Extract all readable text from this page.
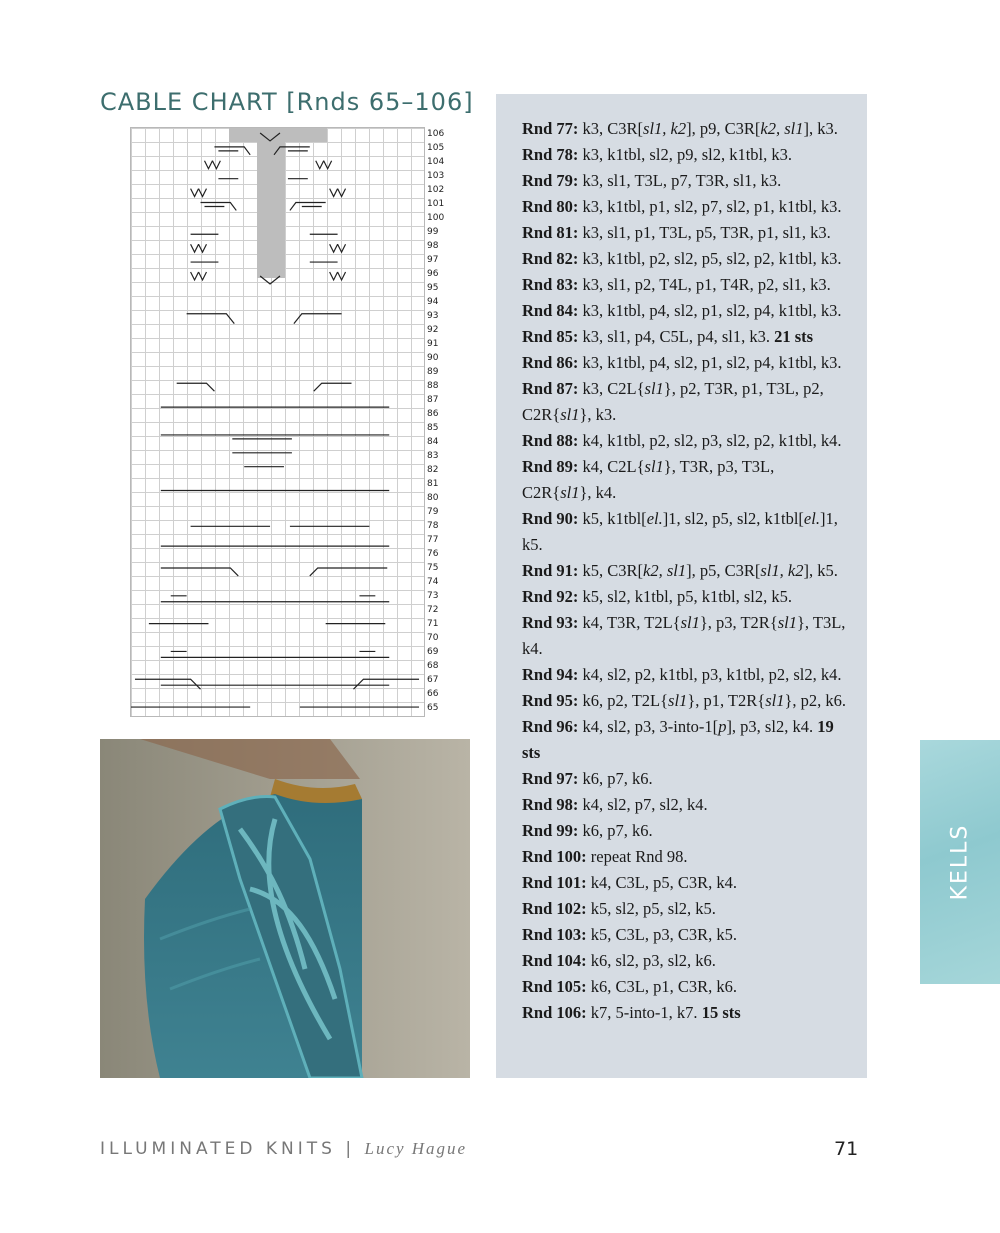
CABLE CHART [Rnds 65–106]
106
105
104
103
102
101
100
99
98
97
96
95
94
93
92
91
90
89
88
87
86
85
84
83
82
81
80
79
78
77
76
75
74
73
72
71
70
69
68
67
66
65
Rnd 77: k3, C3R[sl1, k2], p9, C3R[k2, sl1], k3.
Rnd 78: k3, k1tbl, sl2, p9, sl2, k1tbl, k3.
Rnd 79: k3, sl1, T3L, p7, T3R, sl1, k3.
Rnd 80: k3, k1tbl, p1, sl2, p7, sl2, p1, k1tbl, k3.
Rnd 81: k3, sl1, p1, T3L, p5, T3R, p1, sl1, k3.
Rnd 82: k3, k1tbl, p2, sl2, p5, sl2, p2, k1tbl, k3.
Rnd 83: k3, sl1, p2, T4L, p1, T4R, p2, sl1, k3.
Rnd 84: k3, k1tbl, p4, sl2, p1, sl2, p4, k1tbl, k3.
Rnd 85: k3, sl1, p4, C5L, p4, sl1, k3. 21 sts
Rnd 86: k3, k1tbl, p4, sl2, p1, sl2, p4, k1tbl, k3.
Rnd 87: k3, C2L{sl1}, p2, T3R, p1, T3L, p2, C2R{sl1}, k3.
Rnd 88: k4, k1tbl, p2, sl2, p3, sl2, p2, k1tbl, k4.
Rnd 89: k4, C2L{sl1}, T3R, p3, T3L, C2R{sl1}, k4.
Rnd 90: k5, k1tbl[el.]1, sl2, p5, sl2, k1tbl[el.]1, k5.
Rnd 91: k5, C3R[k2, sl1], p5, C3R[sl1, k2], k5.
Rnd 92: k5, sl2, k1tbl, p5, k1tbl, sl2, k5.
Rnd 93: k4, T3R, T2L{sl1}, p3, T2R{sl1}, T3L, k4.
Rnd 94: k4, sl2, p2, k1tbl, p3, k1tbl, p2, sl2, k4.
Rnd 95: k6, p2, T2L{sl1}, p1, T2R{sl1}, p2, k6.
Rnd 96: k4, sl2, p3, 3-into-1[p], p3, sl2, k4. 19 sts
Rnd 97: k6, p7, k6.
Rnd 98: k4, sl2, p7, sl2, k4.
Rnd 99: k6, p7, k6.
Rnd 100: repeat Rnd 98.
Rnd 101: k4, C3L, p5, C3R, k4.
Rnd 102: k5, sl2, p5, sl2, k5.
Rnd 103: k5, C3L, p3, C3R, k5.
Rnd 104: k6, sl2, p3, sl2, k6.
Rnd 105: k6, C3L, p1, C3R, k6.
Rnd 106: k7, 5-into-1, k7. 15 sts
KELLS
ILLUMINATED KNITS | Lucy Hague	71
